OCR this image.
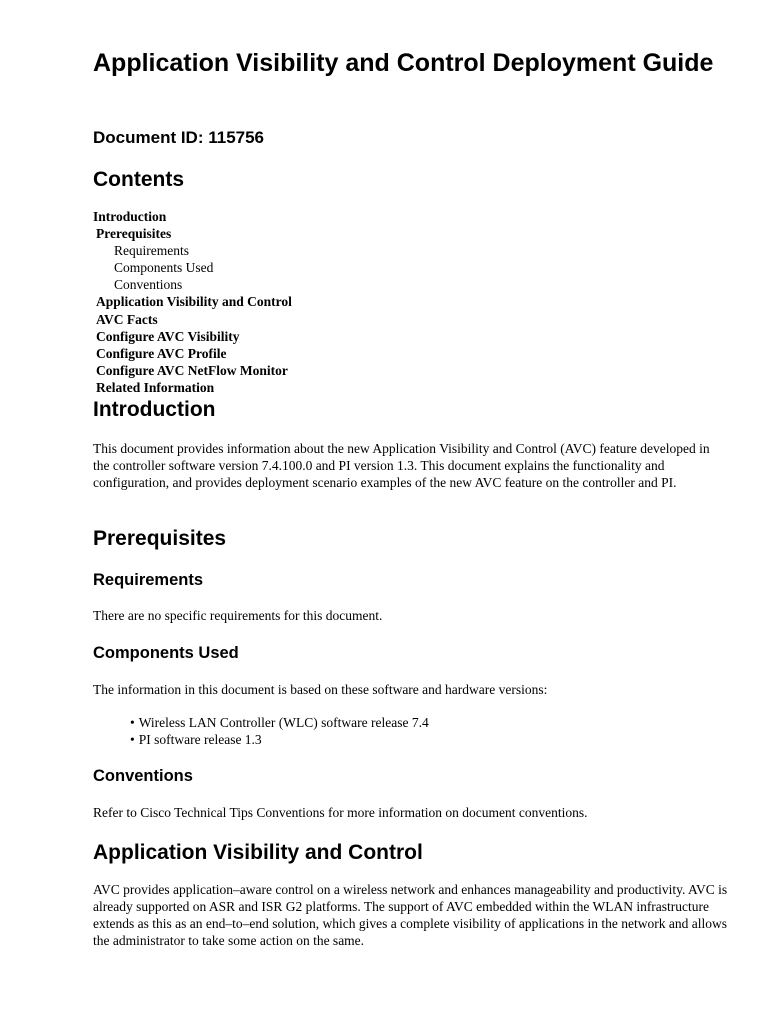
Application Visibility and Control Deployment Guide
Document ID: 115756
Contents
Introduction
Prerequisites
Requirements
Components Used
Conventions
Application Visibility and Control
AVC Facts
Configure AVC Visibility
Configure AVC Profile
Configure AVC NetFlow Monitor
Related Information
Introduction

This document provides information about the new Application Visibility and Control (AVC) feature developed in the controller software version 7.4.100.0 and PI version 1.3. This document explains the functionality and configuration, and provides deployment scenario examples of the new AVC feature on the controller and PI.

Prerequisites
Requirements

There are no specific requirements for this document.

Components Used

The information in this document is based on these software and hardware versions:

• Wireless LAN Controller (WLC) software release 7.4
• PI software release 1.3
Conventions

Refer to Cisco Technical Tips Conventions for more information on document conventions.

Application Visibility and Control

AVC provides application–aware control on a wireless network and enhances manageability and productivity. AVC is already supported on ASR and ISR G2 platforms. The support of AVC embedded within the WLAN infrastructure extends as this as an end–to–end solution, which gives a complete visibility of applications in the network and allows the administrator to take some action on the same.
